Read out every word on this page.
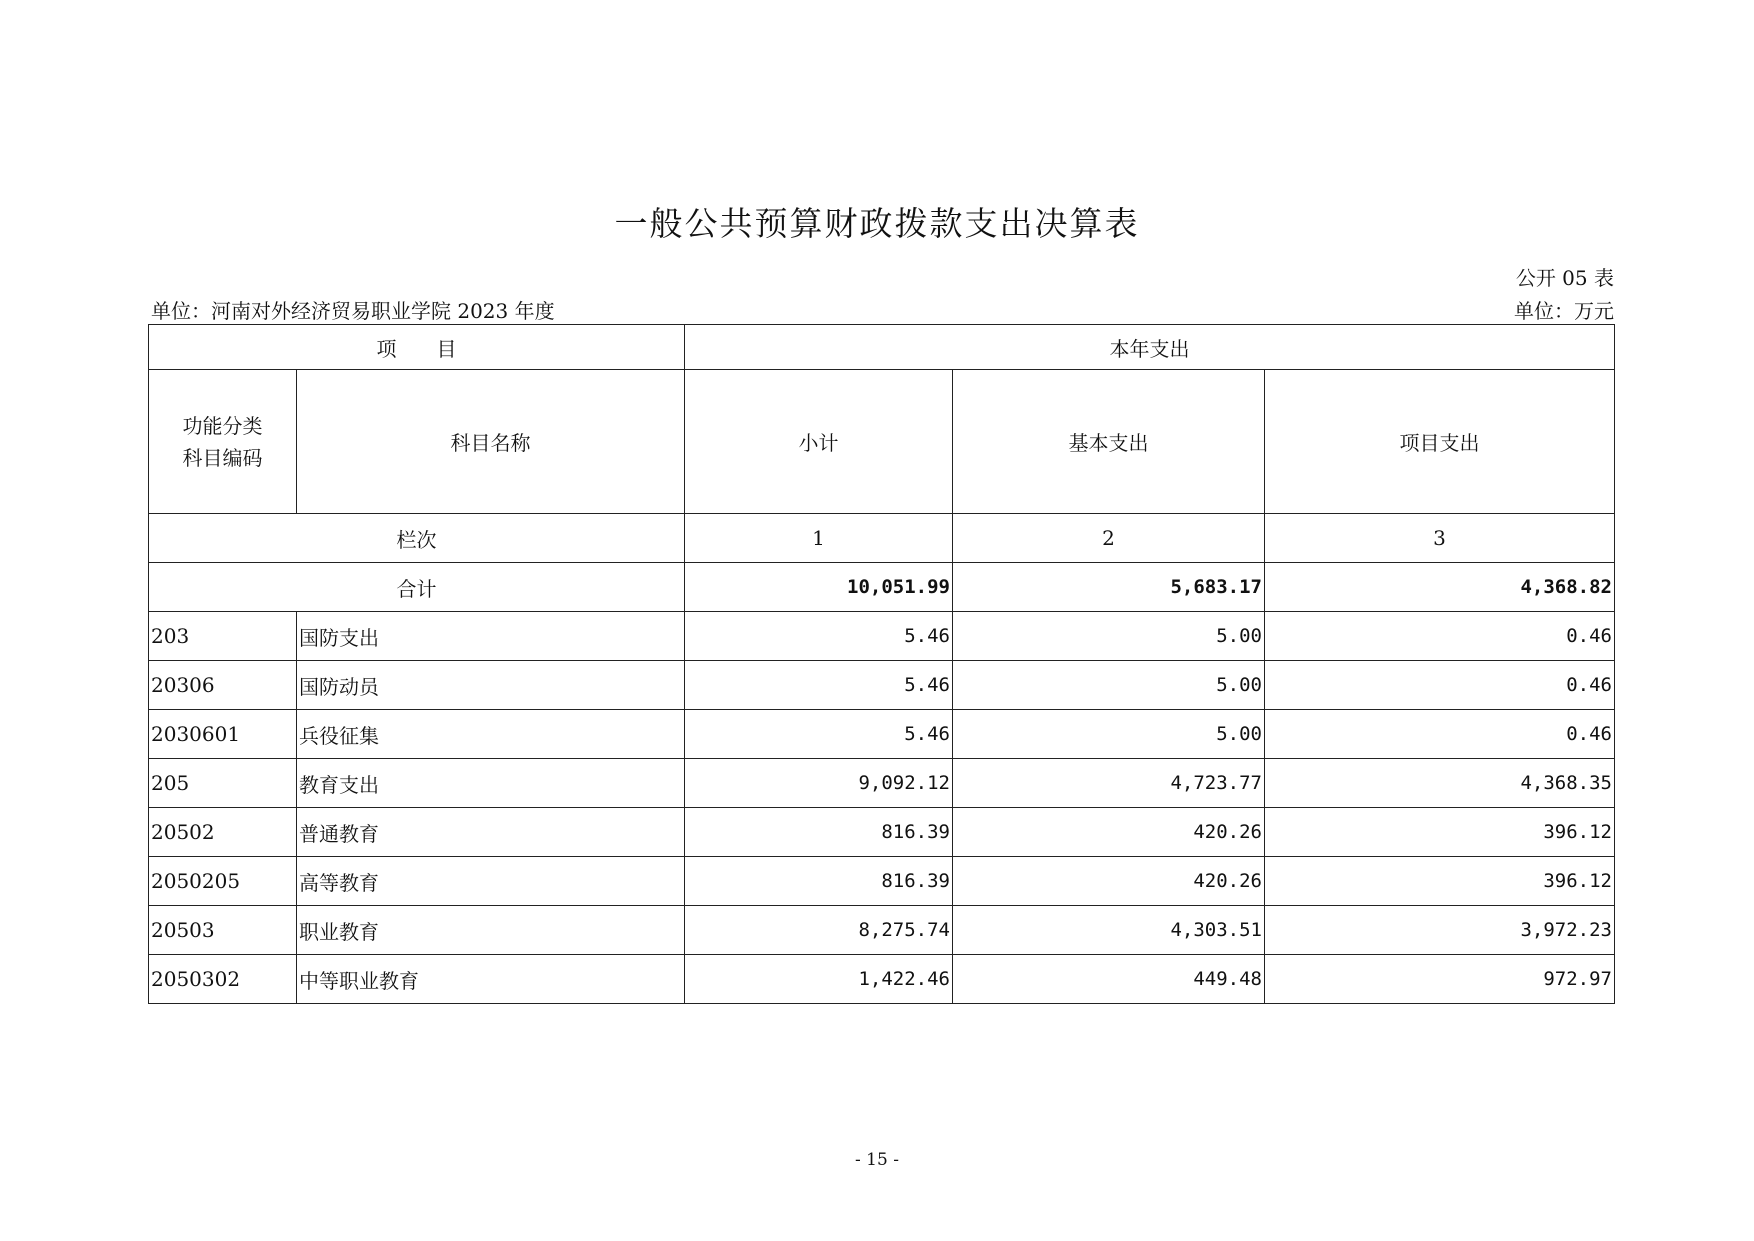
一般公共预算财政拨款支出决算表
公开 05 表
单位：河南对外经济贸易职业学院 2023 年度	单位：万元
项　　目		本年支出		
功能分类
科目编码	科目名称	小计	基本支出	项目支出
栏次		1	2	3
合计		10,051.99	5,683.17	4,368.82
203	国防支出	5.46	5.00	0.46
20306	国防动员	5.46	5.00	0.46
2030601	兵役征集	5.46	5.00	0.46
205	教育支出	9,092.12	4,723.77	4,368.35
20502	普通教育	816.39	420.26	396.12
2050205	高等教育	816.39	420.26	396.12
20503	职业教育	8,275.74	4,303.51	3,972.23
2050302	中等职业教育	1,422.46	449.48	972.97
- 15 -
